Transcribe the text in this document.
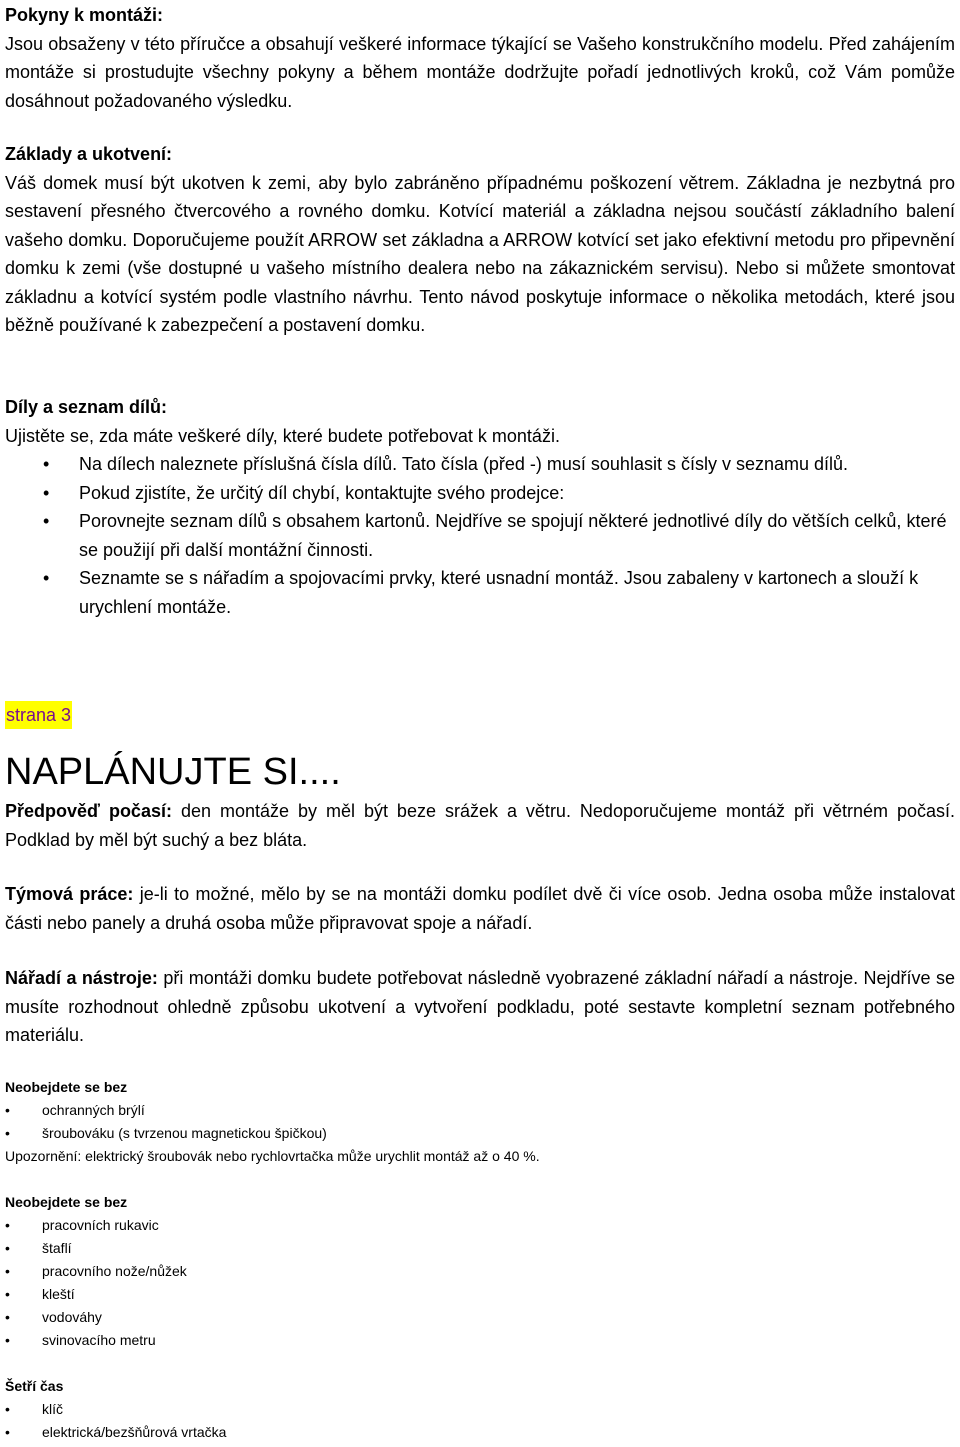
Pokyny k montáži:

Jsou obsaženy v této příručce a obsahují veškeré informace týkající se Vašeho konstrukčního modelu. Před zahájením montáže si prostudujte všechny pokyny a během montáže dodržujte pořadí jednotlivých kroků, což Vám pomůže dosáhnout požadovaného výsledku.

Základy a ukotvení:

Váš domek musí být ukotven k zemi, aby bylo zabráněno případnému poškození větrem. Základna je nezbytná pro sestavení přesného čtvercového a rovného domku. Kotvící materiál a základna nejsou součástí základního balení vašeho domku. Doporučujeme použít ARROW set základna a ARROW kotvící set jako efektivní metodu pro připevnění domku k zemi (vše dostupné u vašeho místního dealera nebo na zákaznickém servisu). Nebo si můžete smontovat základnu a kotvící systém podle vlastního návrhu. Tento návod poskytuje informace o několika metodách, které jsou běžně používané k zabezpečení a postavení domku.

Díly a seznam dílů:

Ujistěte se, zda máte veškeré díly, které budete potřebovat k montáži.

• Na dílech naleznete příslušná čísla dílů. Tato čísla (před -) musí souhlasit s čísly v seznamu dílů.
• Pokud zjistíte, že určitý díl chybí, kontaktujte svého prodejce:
• Porovnejte seznam dílů s obsahem kartonů. Nejdříve se spojují některé jednotlivé díly do větších celků, které se použijí při další montážní činnosti.
• Seznamte se s nářadím a spojovacími prvky, které usnadní montáž. Jsou zabaleny v kartonech a slouží k urychlení montáže.
strana 3
NAPLÁNUJTE SI....

Předpověď počasí: den montáže by měl být beze srážek a větru. Nedoporučujeme montáž při větrném počasí. Podklad by měl být suchý a bez bláta.

Týmová práce: je-li to možné, mělo by se na montáži domku podílet dvě či více osob. Jedna osoba může instalovat části nebo panely a druhá osoba může připravovat spoje a nářadí.

Nářadí a nástroje: při montáži domku budete potřebovat následně vyobrazené základní nářadí a nástroje. Nejdříve se musíte rozhodnout ohledně způsobu ukotvení a vytvoření podkladu, poté sestavte kompletní seznam potřebného materiálu.

Neobejdete se bez

• ochranných brýlí
• šroubováku (s tvrzenou magnetickou špičkou)

Upozornění: elektrický šroubovák nebo rychlovrtačka může urychlit montáž až o 40 %.

Neobejdete se bez

• pracovních rukavic
• štaflí
• pracovního nože/nůžek
• kleští
• vodováhy
• svinovacího metru

Šetří čas

• klíč
• elektrická/bezšňůrová vrtačka
